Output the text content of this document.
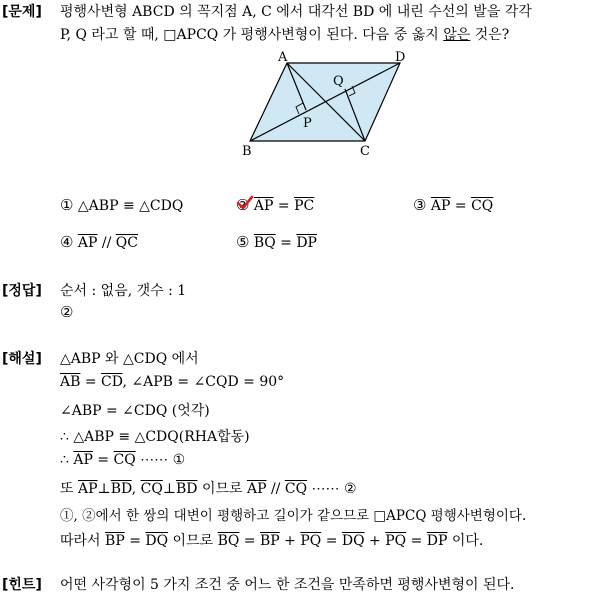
[문제] 평행사변형 ABCD 의 꼭지점 A, C 에서 대각선 BD 에 내린 수선의 발을 각각
P, Q 라고 할 때, □APCQ 가 평행사변형이 된다. 다음 중 옳지 않은 것은?
A	D
B	C
P
Q
① △ABP ≡ △CDQ	② $\overline{AP} = \overline{PC}$	③ $\overline{AP} = \overline{CQ}$
④ $\overline{AP} // \overline{QC}$	⑤ $\overline{BQ} = \overline{DP}$
[정답] 순서 : 없음, 갯수 : 1
②
[해설] △ABP 와 △CDQ 에서
$\overline{AB} = \overline{CD}$, ∠APB = ∠CQD = 90°
∠ABP = ∠CDQ (엇각)
∴ △ABP ≡ △CDQ(RHA합동)
∴ $\overline{AP} = \overline{CQ}$ ⋯⋯ ①
또 $\overline{AP}\perp\overline{BD}$, $\overline{CQ}\perp\overline{BD}$ 이므로 $\overline{AP} // \overline{CQ}$ ⋯⋯ ②
①, ②에서 한 쌍의 대변이 평행하고 길이가 같으므로 □APCQ 평행사변형이다.
따라서 $\overline{BP} = \overline{DQ}$ 이므로 $\overline{BQ} = \overline{BP} + \overline{PQ} = \overline{DQ} + \overline{PQ} = \overline{DP}$ 이다.
[힌트] 어떤 사각형이 5 가지 조건 중 어느 한 조건을 만족하면 평행사변형이 된다.
